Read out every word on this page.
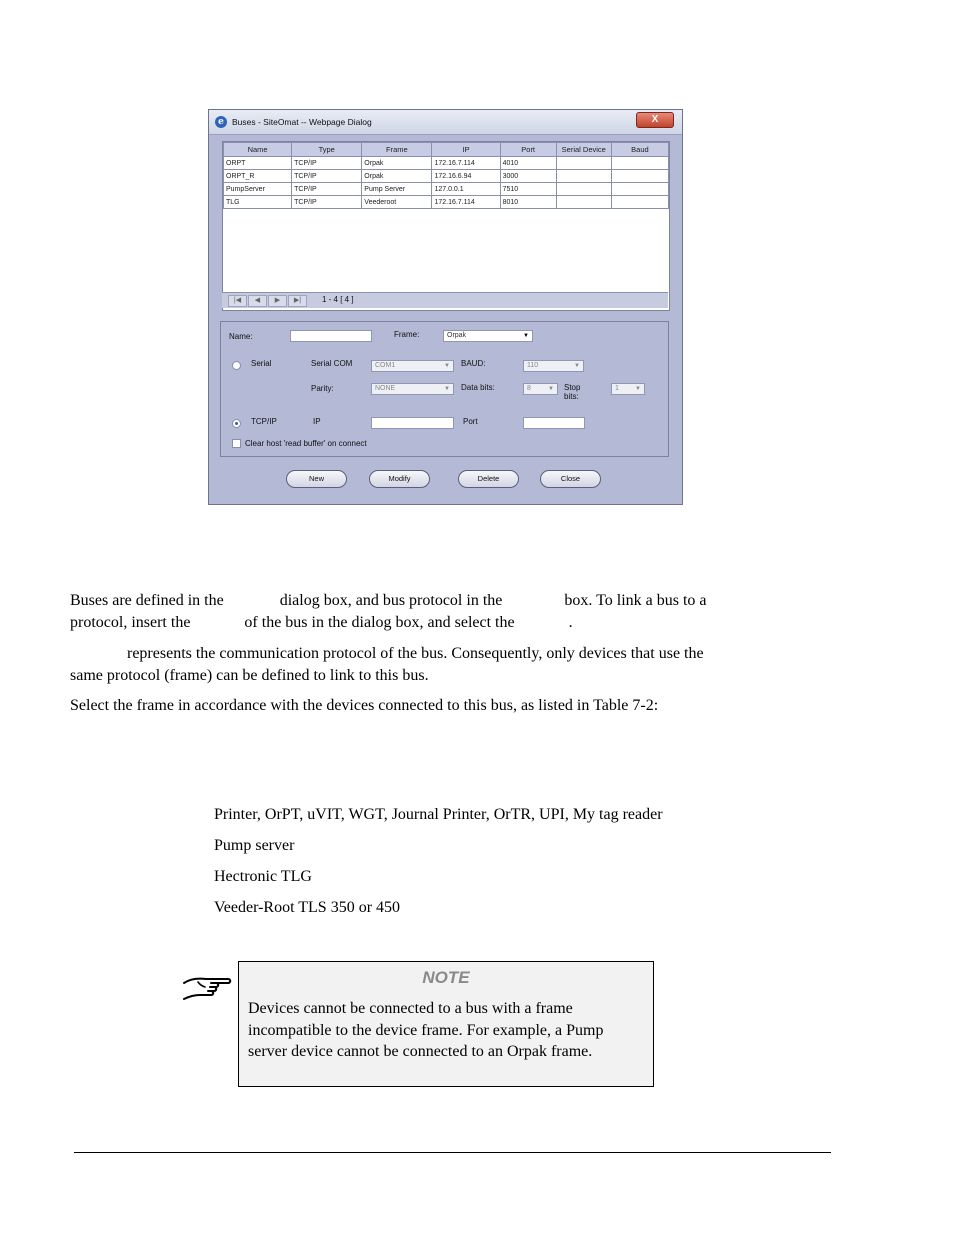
e Buses - SiteOmat -- Webpage Dialog	X
Name	Type	Frame	IP	Port	Serial Device	Baud
ORPT	TCP/IP	Orpak	172.16.7.114	4010		
ORPT_R	TCP/IP	Orpak	172.16.6.94	3000		
PumpServer	TCP/IP	Pump Server	127.0.0.1	7510		
TLG	TCP/IP	Veederoot	172.16.7.114	8010		
|◀	◀	▶	▶|	1 - 4 [ 4 ]
Name:	Frame:	Orpak	▼
Serial	Serial COM	COM1	▼ BAUD:	110	▼
Parity:	NONE	▼ Data bits:	8	▼ Stop bits:
1	▼
TCP/IP	IP	Port
Clear host 'read buffer' on connect
New	Modify	Delete	Close

Buses are defined in the	dialog box, and bus protocol in the	box. To link a bus to a
protocol, insert the	of the bus in the dialog box, and select the	.

represents the communication protocol of the bus. Consequently, only devices that use the
same protocol (frame) can be defined to link to this bus.

Select the frame in accordance with the devices connected to this bus, as listed in Table 7-2:

Printer, OrPT, uVIT, WGT, Journal Printer, OrTR, UPI, My tag reader
Pump server
Hectronic TLG
Veeder-Root TLS 350 or 450
NOTE

Devices cannot be connected to a bus with a frame incompatible to the device frame. For example, a Pump server device cannot be connected to an Orpak frame.
